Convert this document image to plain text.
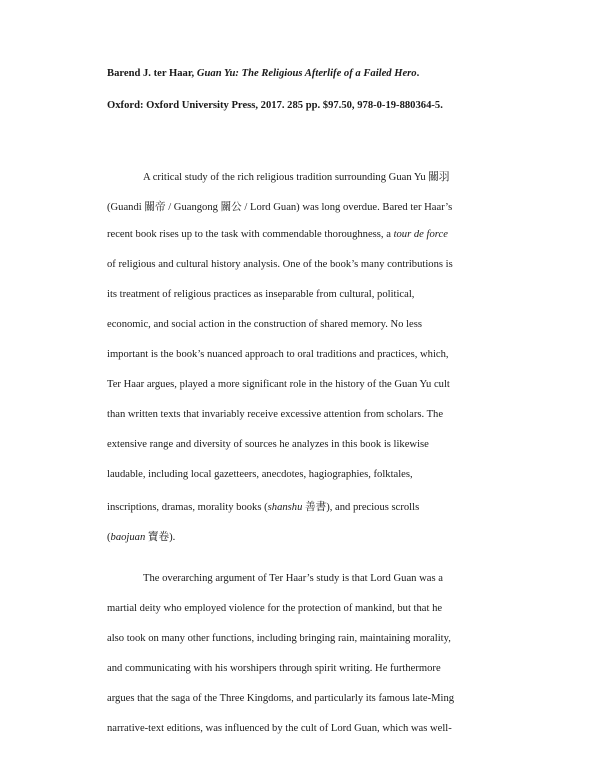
Barend J. ter Haar, Guan Yu: The Religious Afterlife of a Failed Hero.
Oxford: Oxford University Press, 2017. 285 pp. $97.50, 978-0-19-880364-5.
A critical study of the rich religious tradition surrounding Guan Yu 關羽
(Guandi 關帝 / Guangong 關公 / Lord Guan) was long overdue. Bared ter Haar’s
recent book rises up to the task with commendable thoroughness, a tour de force
of religious and cultural history analysis. One of the book’s many contributions is
its treatment of religious practices as inseparable from cultural, political,
economic, and social action in the construction of shared memory. No less
important is the book’s nuanced approach to oral traditions and practices, which,
Ter Haar argues, played a more significant role in the history of the Guan Yu cult
than written texts that invariably receive excessive attention from scholars. The
extensive range and diversity of sources he analyzes in this book is likewise
laudable, including local gazetteers, anecdotes, hagiographies, folktales,
inscriptions, dramas, morality books (shanshu 善書), and precious scrolls
(baojuan 寶卷).
The overarching argument of Ter Haar’s study is that Lord Guan was a
martial deity who employed violence for the protection of mankind, but that he
also took on many other functions, including bringing rain, maintaining morality,
and communicating with his worshipers through spirit writing. He furthermore
argues that the saga of the Three Kingdoms, and particularly its famous late-Ming
narrative-text editions, was influenced by the cult of Lord Guan, which was well-
